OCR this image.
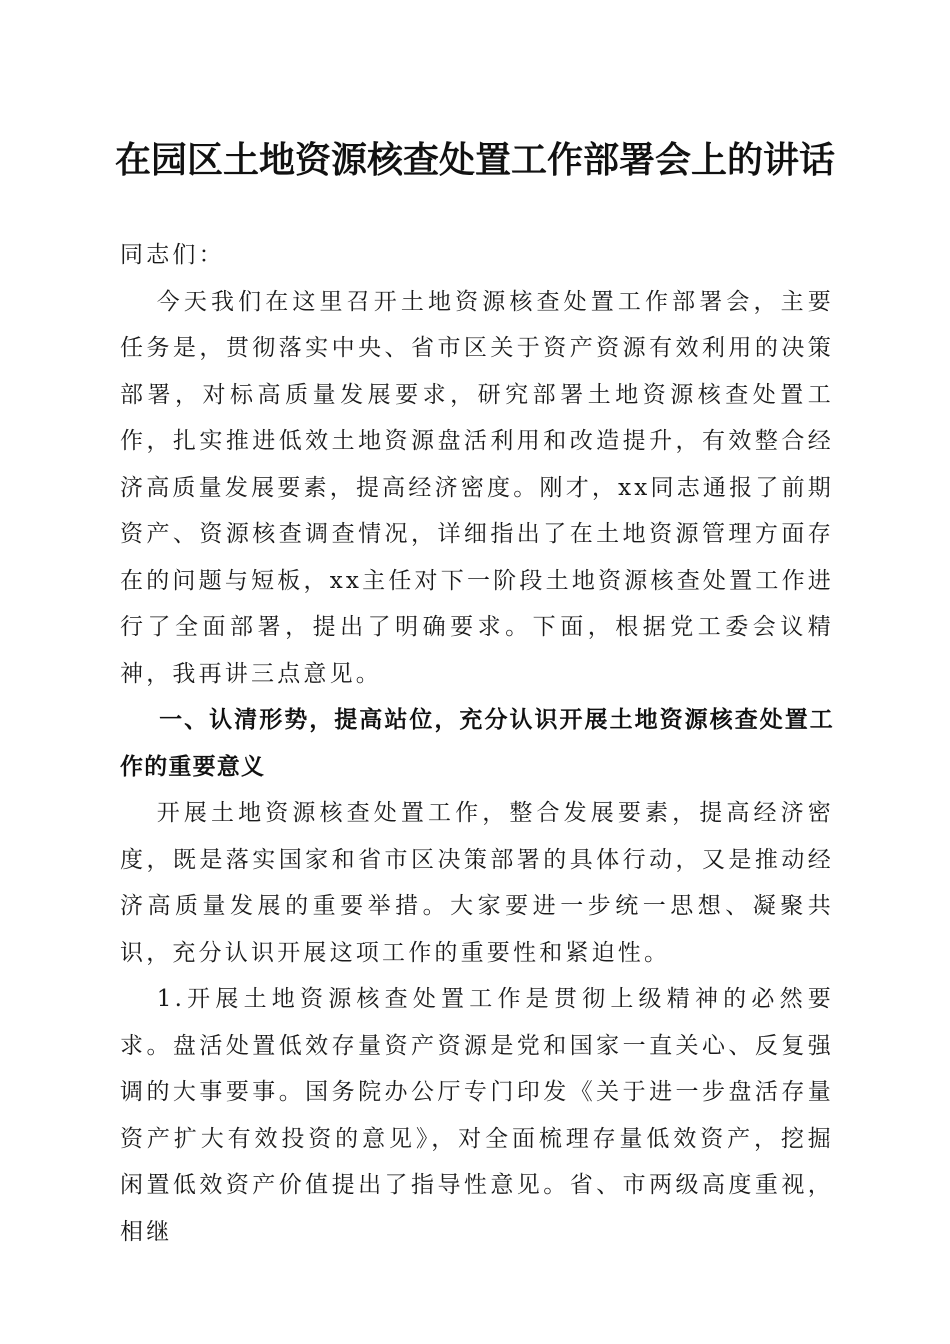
在园区土地资源核查处置工作部署会上的讲话

同志们：

今天我们在这里召开土地资源核查处置工作部署会，主要任务是，贯彻落实中央、省市区关于资产资源有效利用的决策部署，对标高质量发展要求，研究部署土地资源核查处置工作，扎实推进低效土地资源盘活利用和改造提升，有效整合经济高质量发展要素，提高经济密度。刚才，xx同志通报了前期资产、资源核查调查情况，详细指出了在土地资源管理方面存在的问题与短板，xx主任对下一阶段土地资源核查处置工作进行了全面部署，提出了明确要求。下面，根据党工委会议精神，我再讲三点意见。

一、认清形势，提高站位，充分认识开展土地资源核查处置工作的重要意义

开展土地资源核查处置工作，整合发展要素，提高经济密度，既是落实国家和省市区决策部署的具体行动，又是推动经济高质量发展的重要举措。大家要进一步统一思想、凝聚共识，充分认识开展这项工作的重要性和紧迫性。

1.开展土地资源核查处置工作是贯彻上级精神的必然要求。盘活处置低效存量资产资源是党和国家一直关心、反复强调的大事要事。国务院办公厅专门印发《关于进一步盘活存量资产扩大有效投资的意见》，对全面梳理存量低效资产，挖掘闲置低效资产价值提出了指导性意见。省、市两级高度重视，相继
